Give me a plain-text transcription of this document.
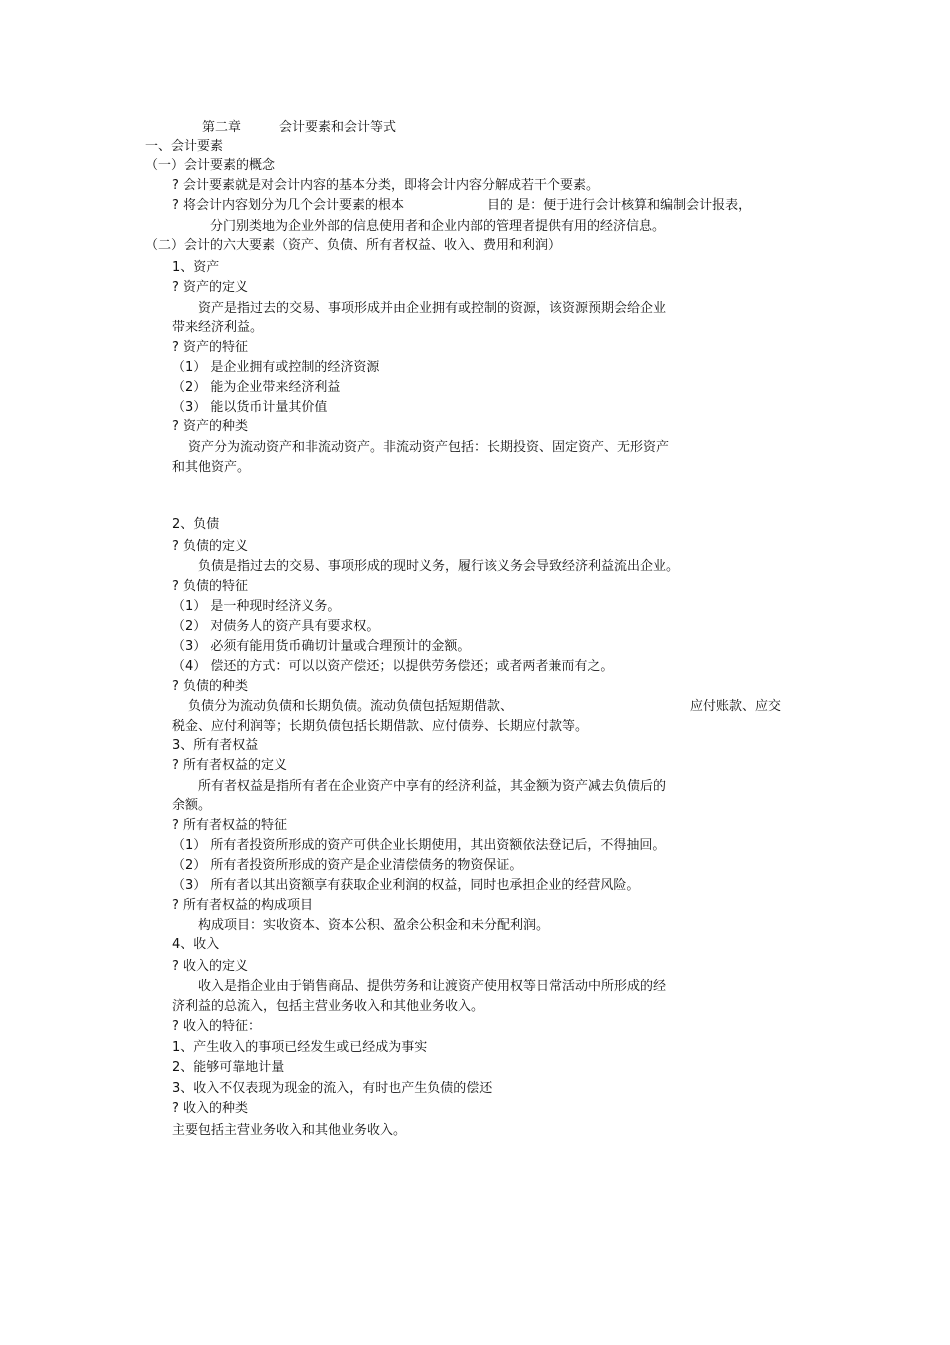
第二章	会计要素和会计等式
一、会计要素
（一）会计要素的概念
? 会计要素就是对会计内容的基本分类，即将会计内容分解成若干个要素。
? 将会计内容划分为几个会计要素的根本	目的 是：便于进行会计核算和编制会计报表，
分门别类地为企业外部的信息使用者和企业内部的管理者提供有用的经济信息。
（二）会计的六大要素（资产、负债、所有者权益、收入、费用和利润）
1、资产
? 资产的定义
资产是指过去的交易、事项形成并由企业拥有或控制的资源，该资源预期会给企业
带来经济利益。
? 资产的特征
（1） 是企业拥有或控制的经济资源
（2） 能为企业带来经济利益
（3） 能以货币计量其价值
? 资产的种类
资产分为流动资产和非流动资产。非流动资产包括：长期投资、固定资产、无形资产
和其他资产。
2、负债
? 负债的定义
负债是指过去的交易、事项形成的现时义务，履行该义务会导致经济利益流出企业。
? 负债的特征
（1） 是一种现时经济义务。
（2） 对债务人的资产具有要求权。
（3） 必须有能用货币确切计量或合理预计的金额。
（4） 偿还的方式：可以以资产偿还；以提供劳务偿还；或者两者兼而有之。
? 负债的种类
负债分为流动负债和长期负债。流动负债包括短期借款、	应付账款、应交
税金、应付利润等；长期负债包括长期借款、应付债券、长期应付款等。
3、所有者权益
? 所有者权益的定义
所有者权益是指所有者在企业资产中享有的经济利益，其金额为资产减去负债后的
余额。
? 所有者权益的特征
（1） 所有者投资所形成的资产可供企业长期使用，其出资额依法登记后，不得抽回。
（2） 所有者投资所形成的资产是企业清偿债务的物资保证。
（3） 所有者以其出资额享有获取企业利润的权益，同时也承担企业的经营风险。
? 所有者权益的构成项目
构成项目：实收资本、资本公积、盈余公积金和未分配利润。
4、收入
? 收入的定义
收入是指企业由于销售商品、提供劳务和让渡资产使用权等日常活动中所形成的经
济利益的总流入，包括主营业务收入和其他业务收入。
? 收入的特征：
1、产生收入的事项已经发生或已经成为事实
2、能够可靠地计量
3、收入不仅表现为现金的流入，有时也产生负债的偿还
? 收入的种类
主要包括主营业务收入和其他业务收入。
